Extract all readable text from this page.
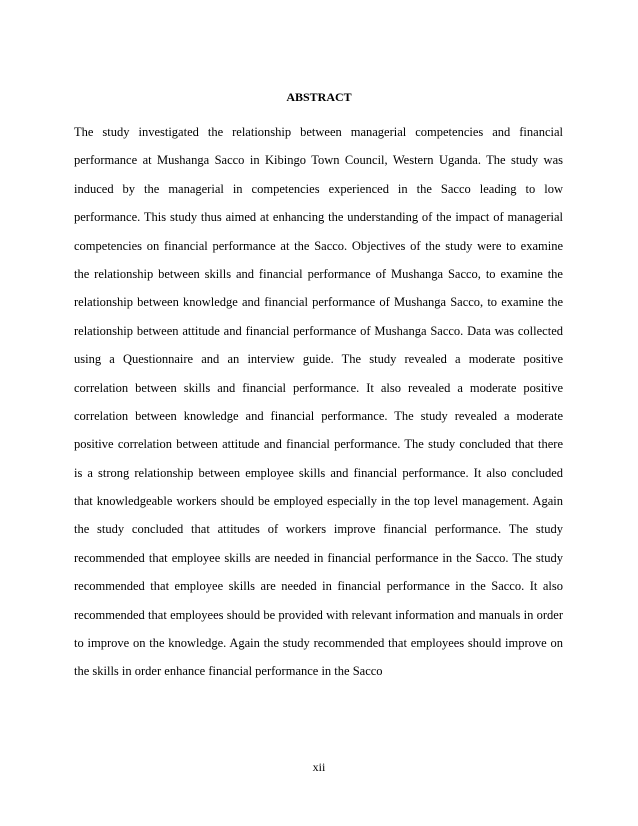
ABSTRACT
The study investigated the relationship between managerial competencies and financial
performance at Mushanga Sacco in Kibingo Town Council, Western Uganda. The study was
induced by the managerial in competencies experienced in the Sacco leading to low
performance. This study thus aimed at enhancing the understanding of the impact of managerial
competencies on financial performance at the Sacco. Objectives of the study were to examine
the relationship between skills and financial performance of Mushanga Sacco, to examine the
relationship between knowledge and financial performance of Mushanga Sacco, to examine the
relationship between attitude and financial performance of Mushanga Sacco. Data was collected
using a Questionnaire and an interview guide. The study revealed a moderate positive
correlation between skills and financial performance. It also revealed a moderate positive
correlation between knowledge and financial performance. The study revealed a moderate
positive correlation between attitude and financial performance. The study concluded that there
is a strong relationship between employee skills and financial performance. It also concluded
that knowledgeable workers should be employed especially in the top level management. Again
the study concluded that attitudes of workers improve financial performance. The study
recommended that employee skills are needed in financial performance in the Sacco. The study
recommended that employee skills are needed in financial performance in the Sacco. It also
recommended that employees should be provided with relevant information and manuals in order
to improve on the knowledge. Again the study recommended that employees should improve on
the skills in order enhance financial performance in the Sacco
xii
